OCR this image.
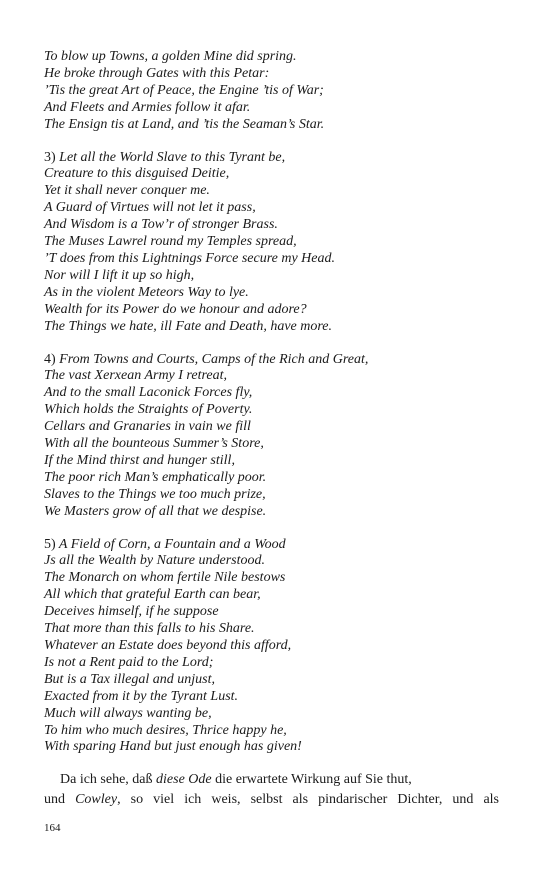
To blow up Towns, a golden Mine did spring.
He broke through Gates with this Petar:
’Tis the great Art of Peace, the Engine ’tis of War;
And Fleets and Armies follow it afar.
The Ensign tis at Land, and ’tis the Seaman’s Star.
3) Let all the World Slave to this Tyrant be,
Creature to this disguised Deitie,
Yet it shall never conquer me.
A Guard of Virtues will not let it pass,
And Wisdom is a Tow’r of stronger Brass.
The Muses Lawrel round my Temples spread,
’T does from this Lightnings Force secure my Head.
Nor will I lift it up so high,
As in the violent Meteors Way to lye.
Wealth for its Power do we honour and adore?
The Things we hate, ill Fate and Death, have more.
4) From Towns and Courts, Camps of the Rich and Great,
The vast Xerxean Army I retreat,
And to the small Laconick Forces fly,
Which holds the Straights of Poverty.
Cellars and Granaries in vain we fill
With all the bounteous Summer’s Store,
If the Mind thirst and hunger still,
The poor rich Man’s emphatically poor.
Slaves to the Things we too much prize,
We Masters grow of all that we despise.
5) A Field of Corn, a Fountain and a Wood
Js all the Wealth by Nature understood.
The Monarch on whom fertile Nile bestows
All which that grateful Earth can bear,
Deceives himself, if he suppose
That more than this falls to his Share.
Whatever an Estate does beyond this afford,
Is not a Rent paid to the Lord;
But is a Tax illegal and unjust,
Exacted from it by the Tyrant Lust.
Much will always wanting be,
To him who much desires, Thrice happy he,
With sparing Hand but just enough has given!

Da ich sehe, daß diese Ode die erwartete Wirkung auf Sie thut,

und Cowley, so viel ich weis, selbst als pindarischer Dichter, und als

164
